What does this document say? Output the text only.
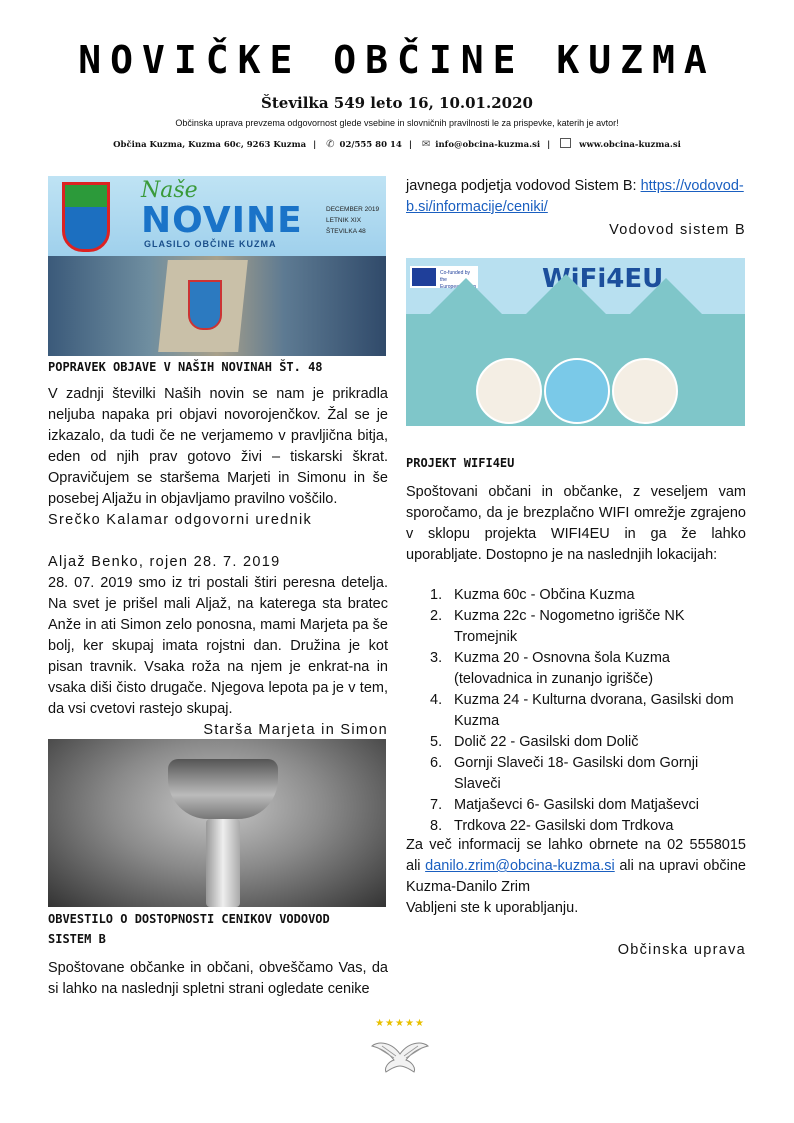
NOVIČKE OBČINE KUZMA
Številka 549 leto 16, 10.01.2020
Občinska uprava prevzema odgovornost glede vsebine in slovničnih pravilnosti le za prispevke, katerih je avtor!
Občina Kuzma, Kuzma 60c, 9263 Kuzma | ✆ 02/555 80 14 | ✉ info@obcina-kuzma.si |	www.obcina-kuzma.si
Naše
NOVINE
GLASILO OBČINE KUZMA
DECEMBER 2019
LETNIK XIX
ŠTEVILKA 48
POPRAVEK OBJAVE V NAŠIH NOVINAH ŠT. 48

V zadnji številki Naših novin se nam je prikradla neljuba napaka pri objavi novorojenčkov. Žal se je izkazalo, da tudi če ne verjamemo v pravljična bitja, eden od njih prav gotovo živi – tiskarski škrat. Opravičujem se staršema Marjeti in Simonu in še posebej Aljažu in objavljamo pravilno voščilo.

Srečko Kalamar odgovorni urednik
Aljaž Benko, rojen 28. 7. 2019

28. 07. 2019 smo iz tri postali štiri peresna detelja. Na svet je prišel mali Aljaž, na katerega sta bratec Anže in ati Simon zelo ponosna, mami Marjeta pa še bolj, ker skupaj imata rojstni dan. Družina je kot pisan travnik. Vsaka roža na njem je enkrat-na in vsaka diši čisto drugače. Njegova lepota pa je v tem, da vsi cvetovi rastejo skupaj.

Starša Marjeta in Simon
OBVESTILO O DOSTOPNOSTI CENIKOV VODOVOD
SISTEM B

Spoštovane občanke in občani, obveščamo Vas, da si lahko na naslednji spletni strani ogledate cenike

javnega podjetja vodovod Sistem B: https://vodovod-
b.si/informacije/ceniki/

Vodovod sistem B
Co-funded by the
European Union	WiFi4EU
PROJEKT WIFI4EU

Spoštovani občani in občanke, z veseljem vam sporočamo, da je brezplačno WIFI omrežje zgrajeno v sklopu projekta WIFI4EU in ga že lahko uporabljate. Dostopno je na naslednjih lokacijah:

1. Kuzma 60c - Občina Kuzma
2. Kuzma 22c - Nogometno igrišče NK Tromejnik
3. Kuzma 20 - Osnovna šola Kuzma (telovadnica in zunanjo igrišče)
4. Kuzma 24 - Kulturna dvorana, Gasilski dom Kuzma
5. Dolič 22 - Gasilski dom Dolič
6. Gornji Slaveči 18- Gasilski dom Gornji Slaveči
7. Matjaševci 6- Gasilski dom Matjaševci
8. Trdkova 22- Gasilski dom Trdkova

Za več informacij se lahko obrnete na 02 5558015 ali danilo.zrim@obcina-kuzma.si ali na upravi občine Kuzma-Danilo Zrim

Vabljeni ste k uporabljanju.
Občinska uprava
★★★★★
